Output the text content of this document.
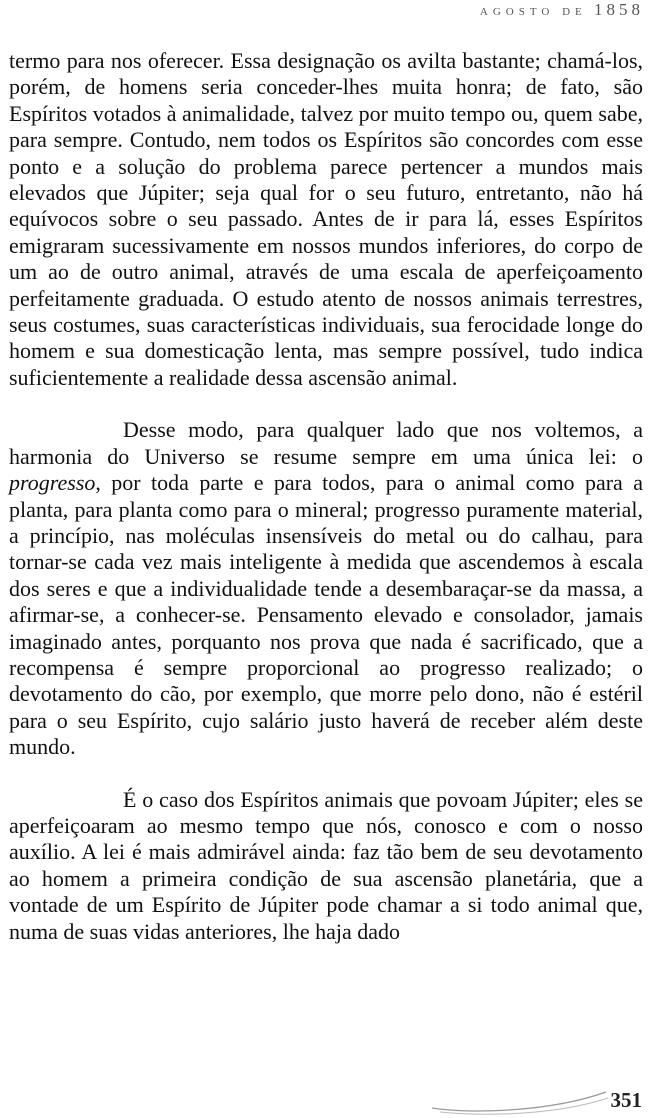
AGOSTO DE 1858

termo para nos oferecer. Essa designação os avilta bastante; chamá-los, porém, de homens seria conceder-lhes muita honra; de fato, são Espíritos votados à animalidade, talvez por muito tempo ou, quem sabe, para sempre. Contudo, nem todos os Espíritos são concordes com esse ponto e a solução do problema parece pertencer a mundos mais elevados que Júpiter; seja qual for o seu futuro, entretanto, não há equívocos sobre o seu passado. Antes de ir para lá, esses Espíritos emigraram sucessivamente em nossos mundos inferiores, do corpo de um ao de outro animal, através de uma escala de aperfeiçoamento perfeitamente graduada. O estudo atento de nossos animais terrestres, seus costumes, suas características individuais, sua ferocidade longe do homem e sua domesticação lenta, mas sempre possível, tudo indica suficientemente a realidade dessa ascensão animal.

Desse modo, para qualquer lado que nos voltemos, a harmonia do Universo se resume sempre em uma única lei: o progresso, por toda parte e para todos, para o animal como para a planta, para planta como para o mineral; progresso puramente material, a princípio, nas moléculas insensíveis do metal ou do calhau, para tornar-se cada vez mais inteligente à medida que ascendemos à escala dos seres e que a individualidade tende a desembaraçar-se da massa, a afirmar-se, a conhecer-se. Pensamento elevado e consolador, jamais imaginado antes, porquanto nos prova que nada é sacrificado, que a recompensa é sempre proporcional ao progresso realizado; o devotamento do cão, por exemplo, que morre pelo dono, não é estéril para o seu Espírito, cujo salário justo haverá de receber além deste mundo.

É o caso dos Espíritos animais que povoam Júpiter; eles se aperfeiçoaram ao mesmo tempo que nós, conosco e com o nosso auxílio. A lei é mais admirável ainda: faz tão bem de seu devotamento ao homem a primeira condição de sua ascensão planetária, que a vontade de um Espírito de Júpiter pode chamar a si todo animal que, numa de suas vidas anteriores, lhe haja dado

351
